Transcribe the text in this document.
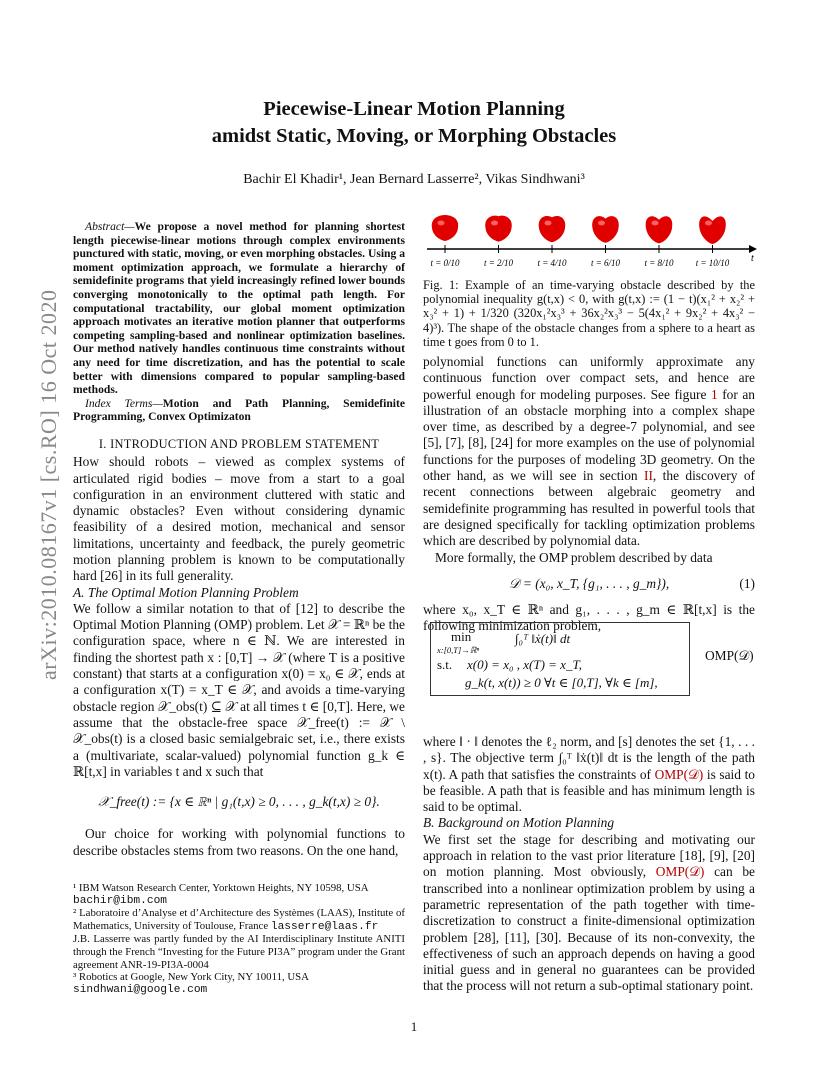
arXiv:2010.08167v1 [cs.RO] 16 Oct 2020
Piecewise-Linear Motion Planning
amidst Static, Moving, or Morphing Obstacles
Bachir El Khadir¹, Jean Bernard Lasserre², Vikas Sindhwani³

Abstract—We propose a novel method for planning shortest length piecewise-linear motions through complex environments punctured with static, moving, or even morphing obstacles. Using a moment optimization approach, we formulate a hierarchy of semidefinite programs that yield increasingly refined lower bounds converging monotonically to the optimal path length. For computational tractability, our global moment optimization approach motivates an iterative motion planner that outperforms competing sampling-based and nonlinear optimization baselines. Our method natively handles continuous time constraints without any need for time discretization, and has the potential to scale better with dimensions compared to popular sampling-based methods.

Index Terms—Motion and Path Planning, Semidefinite Programming, Convex Optimizaton

I. INTRODUCTION AND PROBLEM STATEMENT

How should robots – viewed as complex systems of articulated rigid bodies – move from a start to a goal configuration in an environment cluttered with static and dynamic obstacles? Even without considering dynamic feasibility of a desired motion, mechanical and sensor limitations, uncertainty and feedback, the purely geometric motion planning problem is known to be computationally hard [26] in its full generality.

A. The Optimal Motion Planning Problem

We follow a similar notation to that of [12] to describe the Optimal Motion Planning (OMP) problem. Let 𝒳 = ℝⁿ be the configuration space, where n ∈ ℕ. We are interested in finding the shortest path x : [0,T] → 𝒳 (where T is a positive constant) that starts at a configuration x(0) = x₀ ∈ 𝒳, ends at a configuration x(T) = x_T ∈ 𝒳, and avoids a time-varying obstacle region 𝒳_obs(t) ⊆ 𝒳 at all times t ∈ [0,T]. Here, we assume that the obstacle-free space 𝒳_free(t) := 𝒳 \ 𝒳_obs(t) is a closed basic semialgebraic set, i.e., there exists a (multivariate, scalar-valued) polynomial function g_k ∈ ℝ[t,x] in variables t and x such that

𝒳_free(t) := {x ∈ ℝⁿ | g₁(t,x) ≥ 0, . . . , g_k(t,x) ≥ 0}.

Our choice for working with polynomial functions to describe obstacles stems from two reasons. On the one hand,

¹ IBM Watson Research Center, Yorktown Heights, NY 10598, USA

bachir@ibm.com

² Laboratoire d’Analyse et d’Architecture des Systèmes (LAAS), Institute of Mathematics, University of Toulouse, France lasserre@laas.fr

J.B. Lasserre was partly funded by the AI Interdisciplinary Institute ANITI through the French “Investing for the Future PI3A” program under the Grant agreement ANR-19-PI3A-0004

³ Robotics at Google, New York City, NY 10011, USA

sindhwani@google.com

t
t = 0/10	t = 2/10	t = 4/10	t = 6/10	t = 8/10 t = 10/10
Fig. 1: Example of an time-varying obstacle described by the polynomial inequality g(t,x) < 0, with g(t,x) := (1 − t)(x₁² + x₂² + x₃² + 1) + 1/320 (320x₁²x₃³ + 36x₂²x₃³ − 5(4x₁² + 9x₂² + 4x₃² − 4)³). The shape of the obstacle changes from a sphere to a heart as time t goes from 0 to 1.

polynomial functions can uniformly approximate any continuous function over compact sets, and hence are powerful enough for modeling purposes. See figure 1 for an illustration of an obstacle morphing into a complex shape over time, as described by a degree-7 polynomial, and see [5], [7], [8], [24] for more examples on the use of polynomial functions for the purposes of modeling 3D geometry. On the other hand, as we will see in section II, the discovery of recent connections between algebraic geometry and semidefinite programming has resulted in powerful tools that are designed specifically for tackling optimization problems which are described by polynomial data.

More formally, the OMP problem described by data

𝒟 = (x₀, x_T, {g₁, . . . , g_m}),	(1)

where x₀, x_T ∈ ℝⁿ and g₁, . . . , g_m ∈ ℝ[t,x] is the following minimization problem,

min
x:[0,T]→ℝⁿ
∫₀ᵀ ‖ẋ(t)‖ dt
s.t. x(0) = x₀ , x(T) = x_T,
g_k(t, x(t)) ≥ 0 ∀t ∈ [0,T], ∀k ∈ [m],
OMP(𝒟)

where ‖ · ‖ denotes the ℓ₂ norm, and [s] denotes the set {1, . . . , s}. The objective term ∫₀ᵀ ‖ẋ(t)‖ dt is the length of the path x(t). A path that satisfies the constraints of OMP(𝒟) is said to be feasible. A path that is feasible and has minimum length is said to be optimal.

B. Background on Motion Planning

We first set the stage for describing and motivating our approach in relation to the vast prior literature [18], [9], [20] on motion planning. Most obviously, OMP(𝒟) can be transcribed into a nonlinear optimization problem by using a parametric representation of the path together with time-discretization to construct a finite-dimensional optimization problem [28], [11], [30]. Because of its non-convexity, the effectiveness of such an approach depends on having a good initial guess and in general no guarantees can be provided that the process will not return a sub-optimal stationary point.

1
